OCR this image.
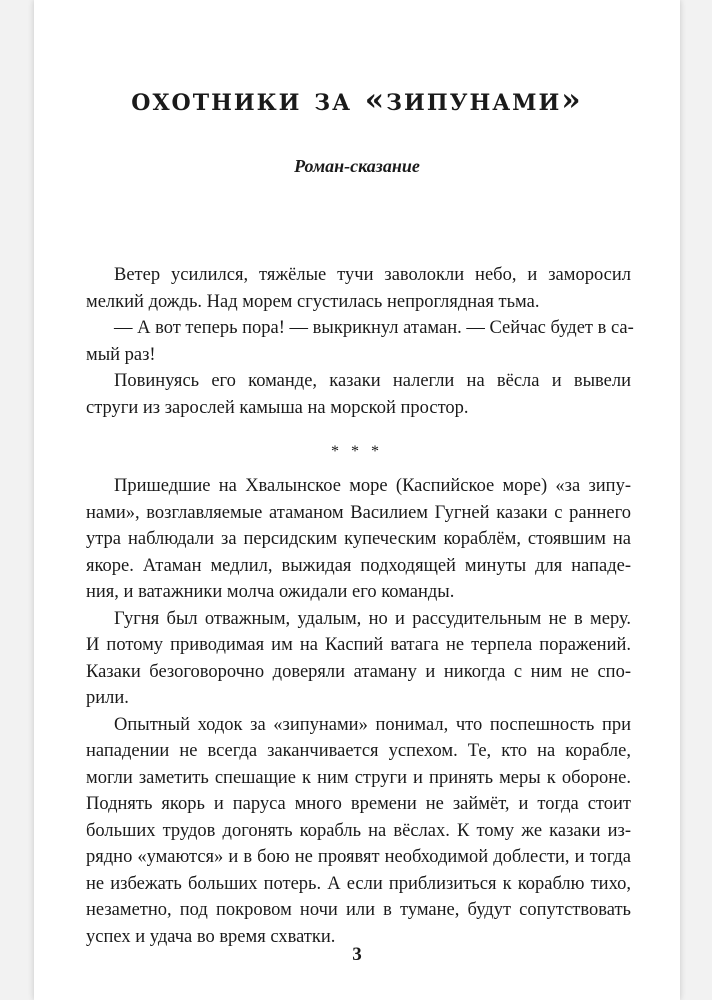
охотники за «зипунами»
Роман-сказание
Ветер усилился, тяжёлые тучи заволокли небо, и заморосил
мелкий дождь. Над морем сгустилась непроглядная тьма.
— А вот теперь пора! — выкрикнул атаман. — Сейчас будет в са-
мый раз!
Повинуясь его команде, казаки налегли на вёсла и вывели
струги из зарослей камыша на морской простор.
* * *
Пришедшие на Хвалынское море (Каспийское море) «за зипу-
нами», возглавляемые атаманом Василием Гугней казаки с раннего
утра наблюдали за персидским купеческим кораблём, стоявшим на
якоре. Атаман медлил, выжидая подходящей минуты для нападе-
ния, и ватажники молча ожидали его команды.
Гугня был отважным, удалым, но и рассудительным не в меру.
И потому приводимая им на Каспий ватага не терпела поражений.
Казаки безоговорочно доверяли атаману и никогда с ним не спо-
рили.
Опытный ходок за «зипунами» понимал, что поспешность при
нападении не всегда заканчивается успехом. Те, кто на корабле,
могли заметить спешащие к ним струги и принять меры к обороне.
Поднять якорь и паруса много времени не займёт, и тогда стоит
больших трудов догонять корабль на вёслах. К тому же казаки из-
рядно «умаются» и в бою не проявят необходимой доблести, и тогда
не избежать больших потерь. А если приблизиться к кораблю тихо,
незаметно, под покровом ночи или в тумане, будут сопутствовать
успех и удача во время схватки.
3
